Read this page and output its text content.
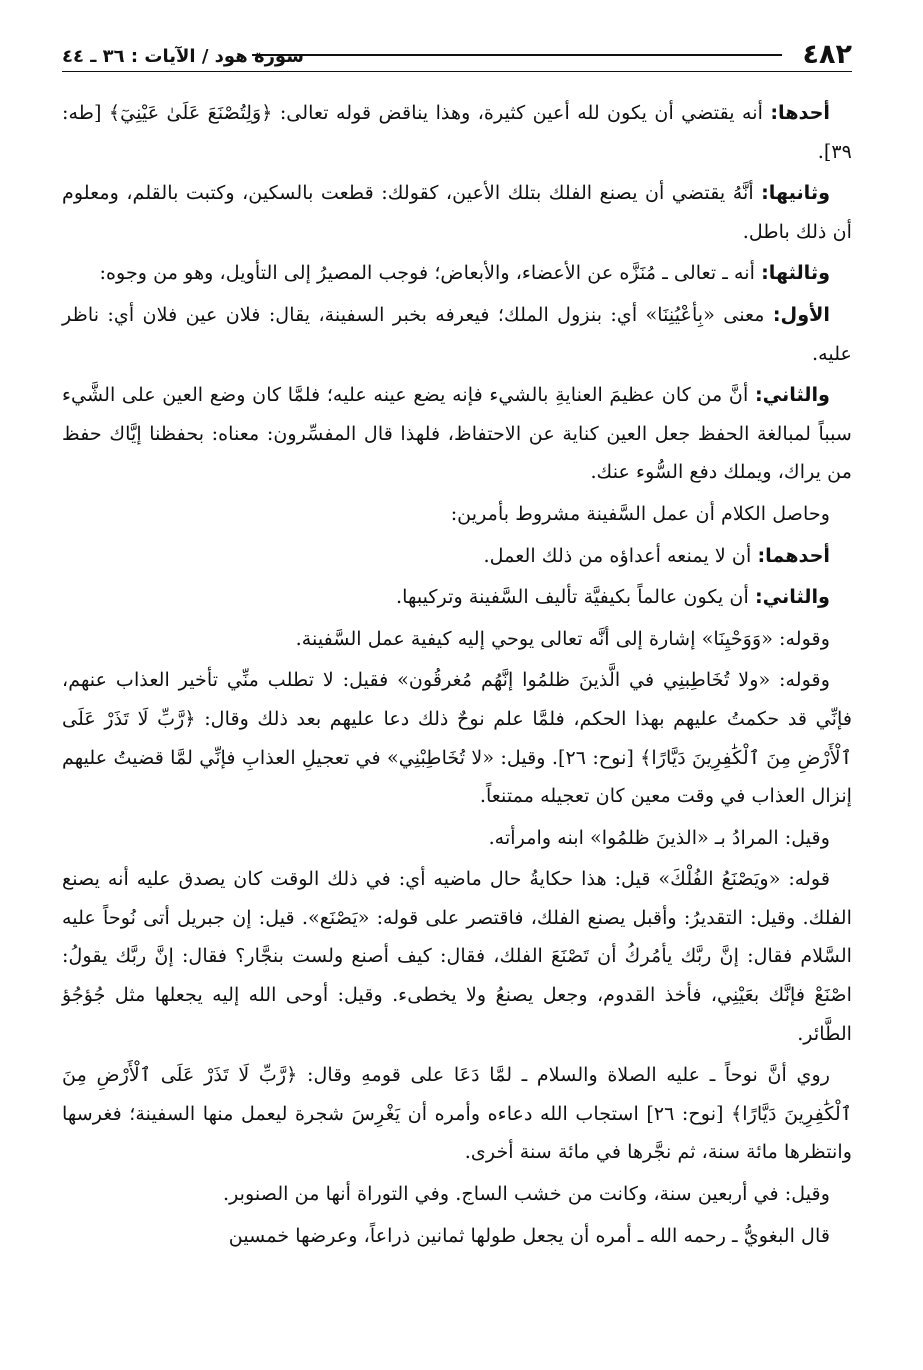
٤٨٢
سورة هود / الآيات : ٣٦ ـ ٤٤

أحدها: أنه يقتضي أن يكون لله أعين كثيرة، وهذا يناقض قوله تعالى: ﴿وَلِتُصْنَعَ عَلَىٰ عَيْنِيٓ﴾ [طه: ٣٩].

وثانيها: أنَّهُ يقتضي أن يصنع الفلك بتلك الأعين، كقولك: قطعت بالسكين، وكتبت بالقلم، ومعلوم أن ذلك باطل.

وثالثها: أنه ـ تعالى ـ مُنَزَّه عن الأعضاء، والأبعاض؛ فوجب المصيرُ إلى التأويل، وهو من وجوه:

الأول: معنى «بِأعْيُنِنَا» أي: بنزول الملك؛ فيعرفه بخبر السفينة، يقال: فلان عين فلان أي: ناظر عليه.

والثاني: أنَّ من كان عظيمَ العنايةِ بالشيء فإنه يضع عينه عليه؛ فلمَّا كان وضع العين على الشَّيء سبباً لمبالغة الحفظ جعل العين كناية عن الاحتفاظ، فلهذا قال المفسِّرون: معناه: بحفظنا إيَّاك حفظ من يراك، ويملك دفع السُّوء عنك.

وحاصل الكلام أن عمل السَّفينة مشروط بأمرين:

أحدهما: أن لا يمنعه أعداؤه من ذلك العمل.

والثاني: أن يكون عالماً بكيفيَّة تأليف السَّفينة وتركيبها.

وقوله: «وَوَحْيِنَا» إشارة إلى أنَّه تعالى يوحي إليه كيفية عمل السَّفينة.

وقوله: «ولا تُخَاطِبنِي في الَّذينَ ظلمُوا إنَّهُم مُغرقُون» فقيل: لا تطلب منِّي تأخير العذاب عنهم، فإنِّي قد حكمتُ عليهم بهذا الحكم، فلمَّا علم نوحٌ ذلك دعا عليهم بعد ذلك وقال: ﴿رَّبِّ لَا تَذَرْ عَلَى ٱلْأَرْضِ مِنَ ٱلْكَٰفِرِينَ دَيَّارًا﴾ [نوح: ٢٦]. وقيل: «لا تُخَاطِبْنِي» في تعجيلِ العذابِ فإنِّي لمَّا قضيتُ عليهم إنزال العذاب في وقت معين كان تعجيله ممتنعاً.

وقيل: المرادُ بـ «الذينَ ظلمُوا» ابنه وامرأته.

قوله: «ويَصْنَعُ الفُلْكَ» قيل: هذا حكايةُ حال ماضيه أي: في ذلك الوقت كان يصدق عليه أنه يصنع الفلك. وقيل: التقديرُ: وأقبل يصنع الفلك، فاقتصر على قوله: «يَصْنَع». قيل: إن جبريل أتى نُوحاً عليه السَّلام فقال: إنَّ ربَّك يأمُركُ أن تَصْنَعَ الفلك، فقال: كيف أصنع ولست بنجَّار؟ فقال: إنَّ ربَّك يقولُ: اصْنَعْ فإنَّك بعَيْنِي، فأخذ القدوم، وجعل يصنعُ ولا يخطىء. وقيل: أوحى الله إليه يجعلها مثل جُؤجُؤ الطَّائر.

روي أنَّ نوحاً ـ عليه الصلاة والسلام ـ لمَّا دَعَا على قومهِ وقال: ﴿رَّبِّ لَا تَذَرْ عَلَى ٱلْأَرْضِ مِنَ ٱلْكَٰفِرِينَ دَيَّارًا﴾ [نوح: ٢٦] استجاب الله دعاءه وأمره أن يَغْرِسَ شجرة ليعمل منها السفينة؛ فغرسها وانتظرها مائة سنة، ثم نجَّرها في مائة سنة أخرى.

وقيل: في أربعين سنة، وكانت من خشب الساج. وفي التوراة أنها من الصنوبر.

قال البغويُّ ـ رحمه الله ـ أمره أن يجعل طولها ثمانين ذراعاً، وعرضها خمسين
